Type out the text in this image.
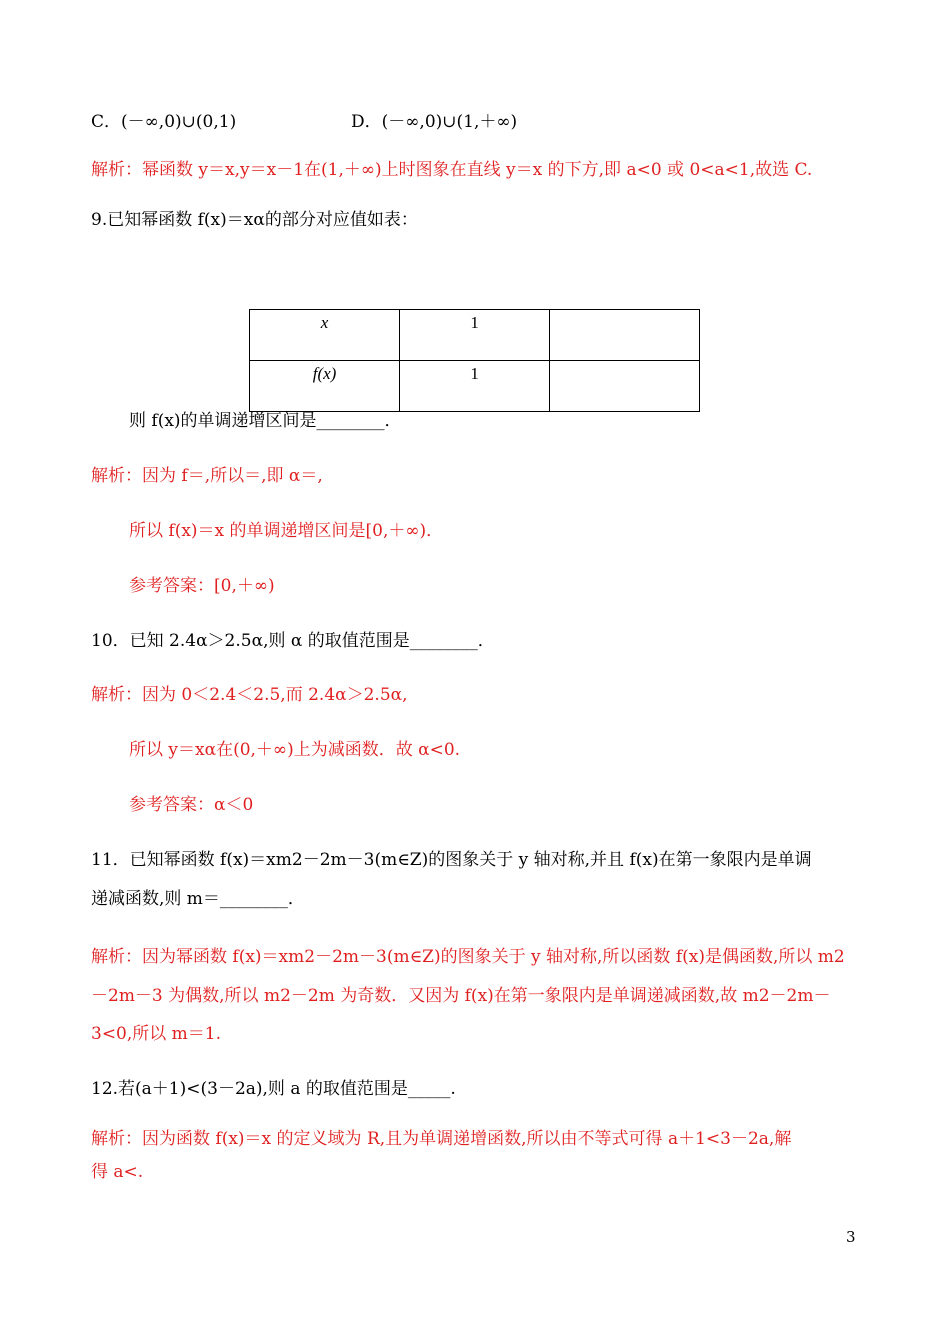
C．(－∞,0)∪(0,1)	D．(－∞,0)∪(1,＋∞)
解析：幂函数 y＝x,y＝x－1在(1,＋∞)上时图象在直线 y＝x 的下方,即 a<0 或 0<a<1,故选 C.
9.已知幂函数 f(x)＝xα的部分对应值如表：
x	1	
f(x)	1	
则 f(x)的单调递增区间是________．
解析：因为 f＝,所以＝,即 α＝,
所以 f(x)＝x 的单调递增区间是[0,＋∞)．
参考答案：[0,＋∞)
10．已知 2.4α＞2.5α,则 α 的取值范围是________．
解析：因为 0＜2.4＜2.5,而 2.4α＞2.5α,
所以 y＝xα在(0,＋∞)上为减函数．故 α<0.
参考答案：α＜0
11．已知幂函数 f(x)＝xm2－2m－3(m∈Z)的图象关于 y 轴对称,并且 f(x)在第一象限内是单调
递减函数,则 m＝________．
解析：因为幂函数 f(x)＝xm2－2m－3(m∈Z)的图象关于 y 轴对称,所以函数 f(x)是偶函数,所以 m2
－2m－3 为偶数,所以 m2－2m 为奇数．又因为 f(x)在第一象限内是单调递减函数,故 m2－2m－
3<0,所以 m＝1.
12.若(a＋1)<(3－2a),则 a 的取值范围是_____.
解析：因为函数 f(x)＝x 的定义域为 R,且为单调递增函数,所以由不等式可得 a＋1<3－2a,解
得 a<.
3
